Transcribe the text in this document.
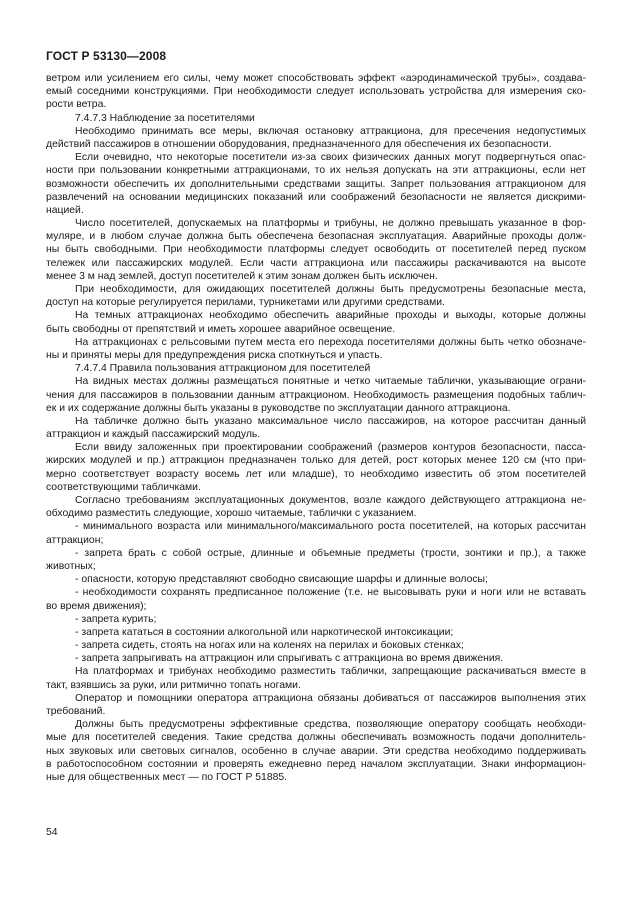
ГОСТ Р 53130—2008
ветром или усилением его силы, чему может способствовать эффект «аэродинамической трубы», создава-
емый соседними конструкциями. При необходимости следует использовать устройства для измерения ско-
рости ветра.
7.4.7.3 Наблюдение за посетителями
Необходимо принимать все меры, включая остановку аттракциона, для пресечения недопустимых
действий пассажиров в отношении оборудования, предназначенного для обеспечения их безопасности.
Если очевидно, что некоторые посетители из-за своих физических данных могут подвергнуться опас-
ности при пользовании конкретными аттракционами, то их нельзя допускать на эти аттракционы, если нет
возможности обеспечить их дополнительными средствами защиты. Запрет пользования аттракционом для
развлечений на основании медицинских показаний или соображений безопасности не является дискрими-
нацией.
Число посетителей, допускаемых на платформы и трибуны, не должно превышать указанное в фор-
муляре, и в любом случае должна быть обеспечена безопасная эксплуатация. Аварийные проходы долж-
ны быть свободными. При необходимости платформы следует освободить от посетителей перед пуском
тележек или пассажирских модулей. Если части аттракциона или пассажиры раскачиваются на высоте
менее 3 м над землей, доступ посетителей к этим зонам должен быть исключен.
При необходимости, для ожидающих посетителей должны быть предусмотрены безопасные места,
доступ на которые регулируется перилами, турникетами или другими средствами.
На темных аттракционах необходимо обеспечить аварийные проходы и выходы, которые должны
быть свободны от препятствий и иметь хорошее аварийное освещение.
На аттракционах с рельсовыми путем места его перехода посетителями должны быть четко обозначе-
ны и приняты меры для предупреждения риска споткнуться и упасть.
7.4.7.4 Правила пользования аттракционом для посетителей
На видных местах должны размещаться понятные и четко читаемые таблички, указывающие ограни-
чения для пассажиров в пользовании данным аттракционом. Необходимость размещения подобных таблич-
ек и их содержание должны быть указаны в руководстве по эксплуатации данного аттракциона.
На табличке должно быть указано максимальное число пассажиров, на которое рассчитан данный
аттракцион и каждый пассажирский модуль.
Если ввиду заложенных при проектировании соображений (размеров контуров безопасности, пасса-
жирских модулей и пр.) аттракцион предназначен только для детей, рост которых менее 120 см (что при-
мерно соответствует возрасту восемь лет или младше), то необходимо известить об этом посетителей
соответствующими табличками.
Согласно требованиям эксплуатационных документов, возле каждого действующего аттракциона не-
обходимо разместить следующие, хорошо читаемые, таблички с указанием.
- минимального возраста или минимального/максимального роста посетителей, на которых рассчитан
аттракцион;
- запрета брать с собой острые, длинные и объемные предметы (трости, зонтики и пр.), а также
животных;
- опасности, которую представляют свободно свисающие шарфы и длинные волосы;
- необходимости сохранять предписанное положение (т.е. не высовывать руки и ноги или не вставать
во время движения);
- запрета курить;
- запрета кататься в состоянии алкогольной или наркотической интоксикации;
- запрета сидеть, стоять на ногах или на коленях на перилах и боковых стенках;
- запрета запрыгивать на аттракцион или спрыгивать с аттракциона во время движения.
На платформах и трибунах необходимо разместить таблички, запрещающие раскачиваться вместе в
такт, взявшись за руки, или ритмично топать ногами.
Оператор и помощники оператора аттракциона обязаны добиваться от пассажиров выполнения этих
требований.
Должны быть предусмотрены эффективные средства, позволяющие оператору сообщать необходи-
мые для посетителей сведения. Такие средства должны обеспечивать возможность подачи дополнитель-
ных звуковых или световых сигналов, особенно в случае аварии. Эти средства необходимо поддерживать
в работоспособном состоянии и проверять ежедневно перед началом эксплуатации. Знаки информацион-
ные для общественных мест — по ГОСТ Р 51885.
54
